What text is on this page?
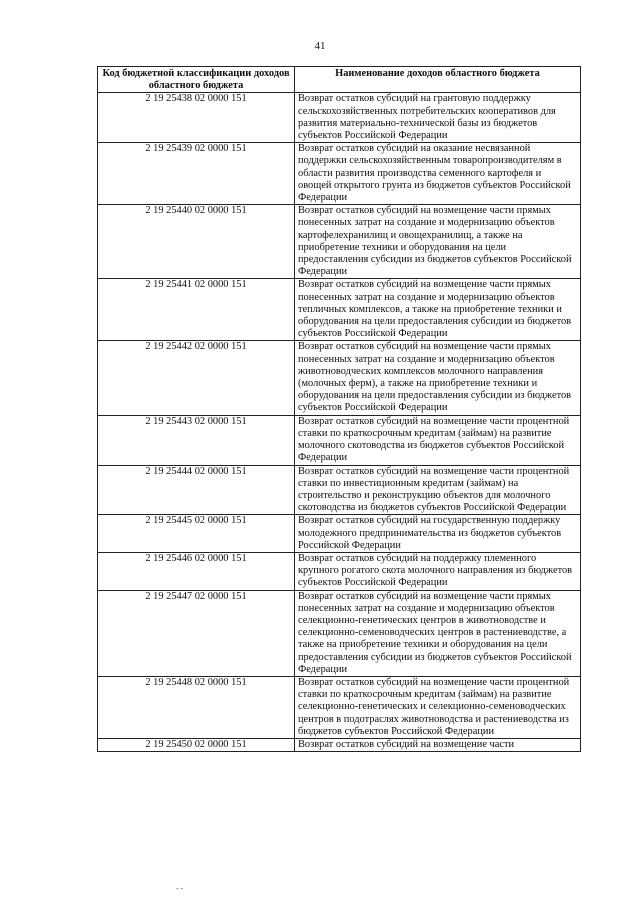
41
Код бюджетной классификации доходов областного бюджета	Наименование доходов областного бюджета
2 19 25438 02 0000 151	Возврат остатков субсидий на грантовую поддержку сельскохозяйственных потребительских кооперативов для развития материально-технической базы из бюджетов субъектов Российской Федерации
2 19 25439 02 0000 151	Возврат остатков субсидий на оказание несвязанной поддержки сельскохозяйственным товаропроизводителям в области развития производства семенного картофеля и овощей открытого грунта из бюджетов субъектов Российской Федерации
2 19 25440 02 0000 151	Возврат остатков субсидий на возмещение части прямых понесенных затрат на создание и модернизацию объектов картофелехранилищ и овощехранилищ, а также на приобретение техники и оборудования на цели предоставления субсидии из бюджетов субъектов Российской Федерации
2 19 25441 02 0000 151	Возврат остатков субсидий на возмещение части прямых понесенных затрат на создание и модернизацию объектов тепличных комплексов, а также на приобретение техники и оборудования на цели предоставления субсидии из бюджетов субъектов Российской Федерации
2 19 25442 02 0000 151	Возврат остатков субсидий на возмещение части прямых понесенных затрат на создание и модернизацию объектов животноводческих комплексов молочного направления (молочных ферм), а также на приобретение техники и оборудования на цели предоставления субсидии из бюджетов субъектов Российской Федерации
2 19 25443 02 0000 151	Возврат остатков субсидий на возмещение части процентной ставки по краткосрочным кредитам (займам) на развитие молочного скотоводства из бюджетов субъектов Российской Федерации
2 19 25444 02 0000 151	Возврат остатков субсидий на возмещение части процентной ставки по инвестиционным кредитам (займам) на строительство и реконструкцию объектов для молочного скотоводства из бюджетов субъектов Российской Федерации
2 19 25445 02 0000 151	Возврат остатков субсидий на государственную поддержку молодежного предпринимательства из бюджетов субъектов Российской Федерации
2 19 25446 02 0000 151	Возврат остатков субсидий на поддержку племенного крупного рогатого скота молочного направления из бюджетов субъектов Российской Федерации
2 19 25447 02 0000 151	Возврат остатков субсидий на возмещение части прямых понесенных затрат на создание и модернизацию объектов селекционно-генетических центров в животноводстве и селекционно-семеноводческих центров в растениеводстве, а также на приобретение техники и оборудования на цели предоставления субсидии из бюджетов субъектов Российской Федерации
2 19 25448 02 0000 151	Возврат остатков субсидий на возмещение части процентной ставки по краткосрочным кредитам (займам) на развитие селекционно-генетических и селекционно-семеноводческих центров в подотраслях животноводства и растениеводства из бюджетов субъектов Российской Федерации
2 19 25450 02 0000 151	Возврат остатков субсидий на возмещение части
- -
